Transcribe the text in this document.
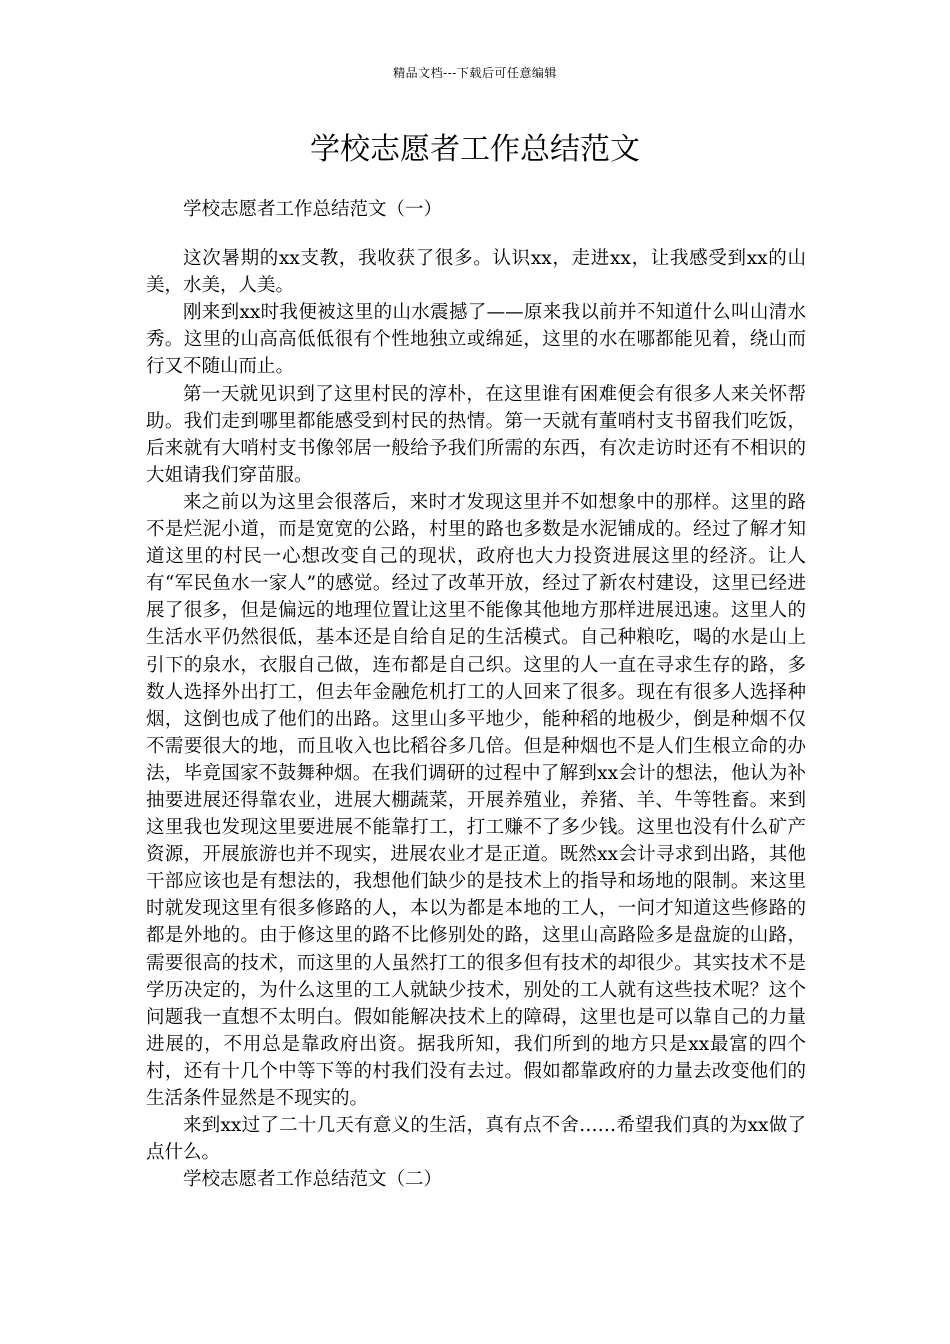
精品文档---下载后可任意编辑
学校志愿者工作总结范文
学校志愿者工作总结范文（一）

这次暑期的xx支教，我收获了很多。认识xx，走进xx，让我感受到xx的山美，水美，人美。

刚来到xx时我便被这里的山水震撼了——原来我以前并不知道什么叫山清水秀。这里的山高高低低很有个性地独立或绵延，这里的水在哪都能见着，绕山而行又不随山而止。

第一天就见识到了这里村民的淳朴，在这里谁有困难便会有很多人来关怀帮助。我们走到哪里都能感受到村民的热情。第一天就有董哨村支书留我们吃饭，后来就有大哨村支书像邻居一般给予我们所需的东西，有次走访时还有不相识的大姐请我们穿苗服。

来之前以为这里会很落后，来时才发现这里并不如想象中的那样。这里的路不是烂泥小道，而是宽宽的公路，村里的路也多数是水泥铺成的。经过了解才知道这里的村民一心想改变自己的现状，政府也大力投资进展这里的经济。让人有“军民鱼水一家人”的感觉。经过了改革开放，经过了新农村建设，这里已经进展了很多，但是偏远的地理位置让这里不能像其他地方那样进展迅速。这里人的生活水平仍然很低，基本还是自给自足的生活模式。自己种粮吃，喝的水是山上引下的泉水，衣服自己做，连布都是自己织。这里的人一直在寻求生存的路，多数人选择外出打工，但去年金融危机打工的人回来了很多。现在有很多人选择种烟，这倒也成了他们的出路。这里山多平地少，能种稻的地极少，倒是种烟不仅不需要很大的地，而且收入也比稻谷多几倍。但是种烟也不是人们生根立命的办法，毕竟国家不鼓舞种烟。在我们调研的过程中了解到xx会计的想法，他认为补抽要进展还得靠农业，进展大棚蔬菜，开展养殖业，养猪、羊、牛等牲畜。来到这里我也发现这里要进展不能靠打工，打工赚不了多少钱。这里也没有什么矿产资源，开展旅游也并不现实，进展农业才是正道。既然xx会计寻求到出路，其他干部应该也是有想法的，我想他们缺少的是技术上的指导和场地的限制。来这里时就发现这里有很多修路的人，本以为都是本地的工人，一问才知道这些修路的都是外地的。由于修这里的路不比修别处的路，这里山高路险多是盘旋的山路，需要很高的技术，而这里的人虽然打工的很多但有技术的却很少。其实技术不是学历决定的，为什么这里的工人就缺少技术，别处的工人就有这些技术呢？这个问题我一直想不太明白。假如能解决技术上的障碍，这里也是可以靠自己的力量进展的，不用总是靠政府出资。据我所知，我们所到的地方只是xx最富的四个村，还有十几个中等下等的村我们没有去过。假如都靠政府的力量去改变他们的生活条件显然是不现实的。

来到xx过了二十几天有意义的生活，真有点不舍……希望我们真的为xx做了点什么。

学校志愿者工作总结范文（二）
